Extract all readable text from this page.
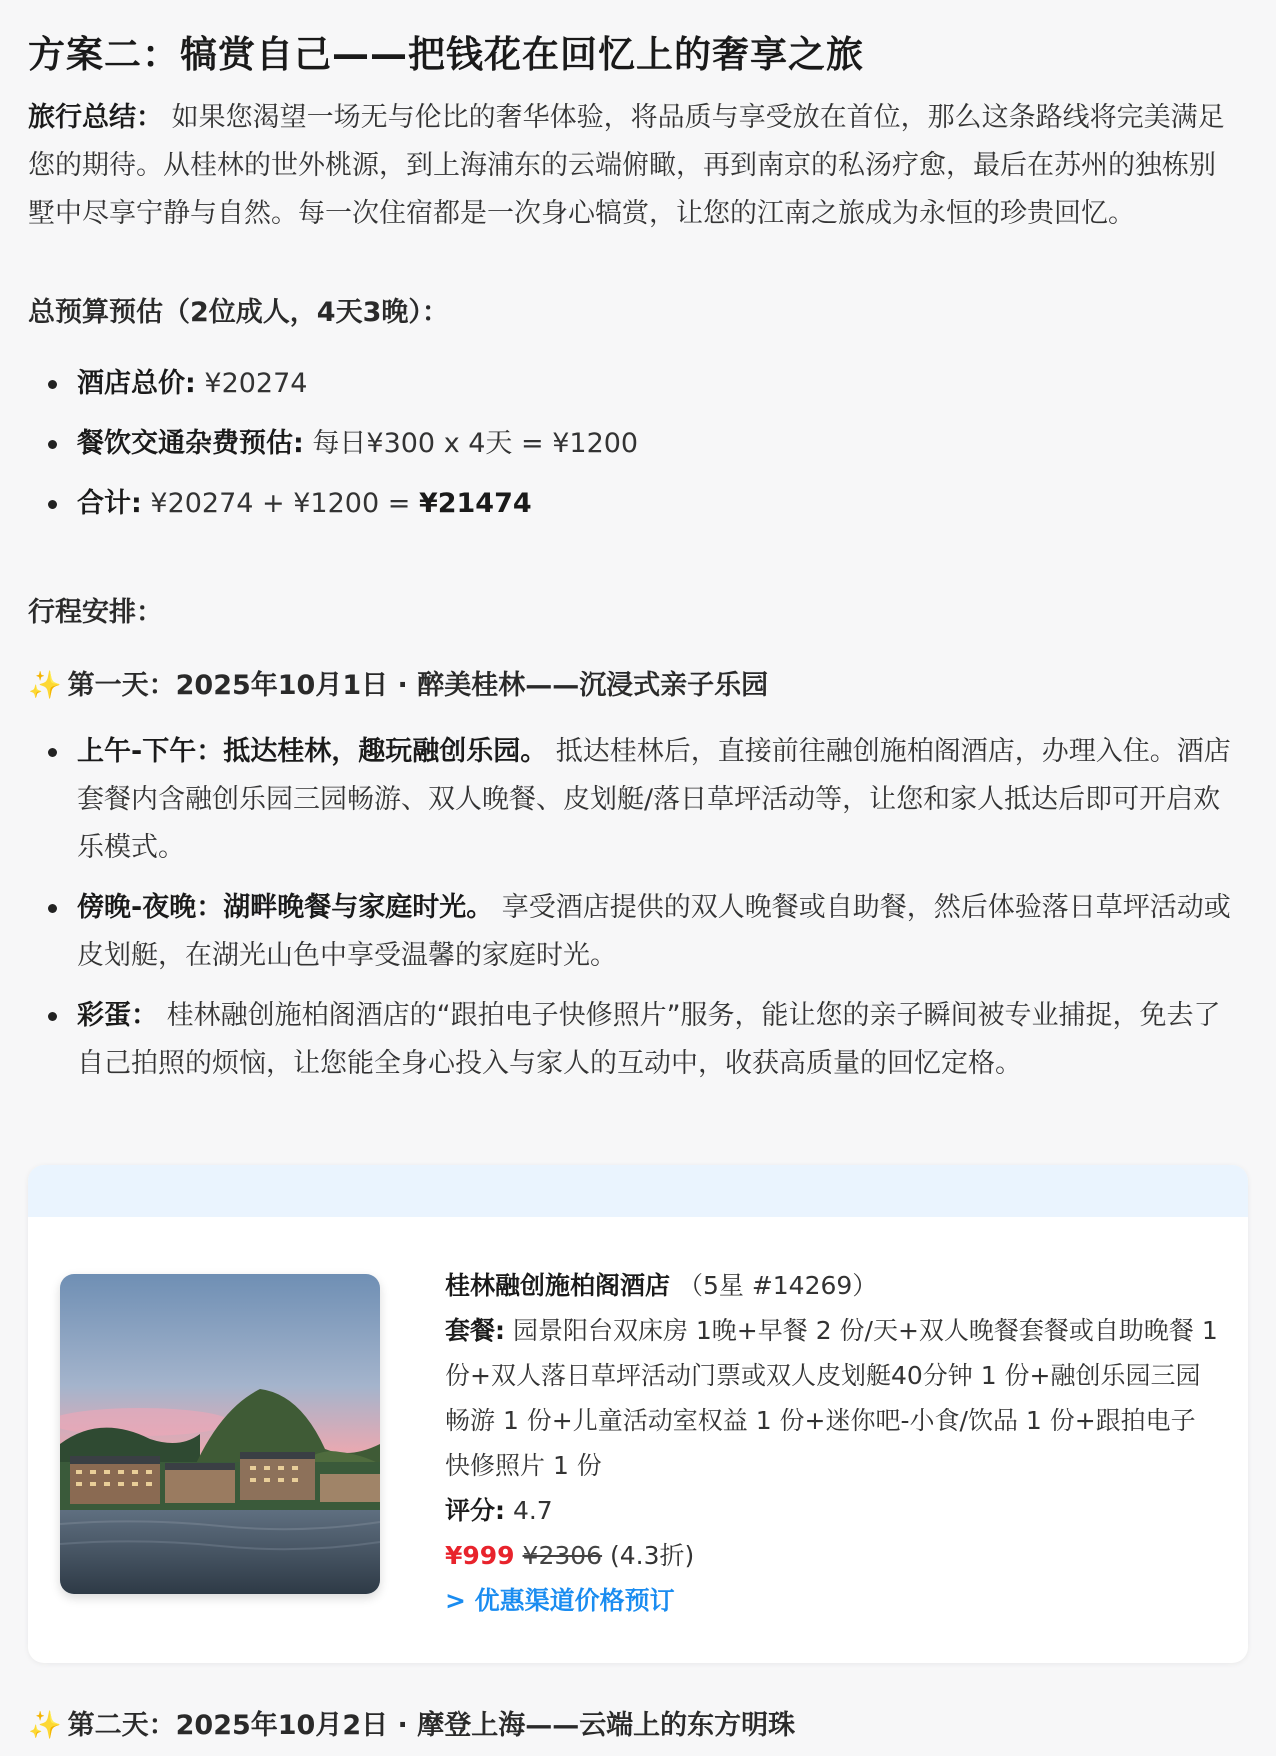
方案二：犒赏自己——把钱花在回忆上的奢享之旅

旅行总结： 如果您渴望一场无与伦比的奢华体验，将品质与享受放在首位，那么这条路线将完美满足您的期待。从桂林的世外桃源，到上海浦东的云端俯瞰，再到南京的私汤疗愈，最后在苏州的独栋别墅中尽享宁静与自然。每一次住宿都是一次身心犒赏，让您的江南之旅成为永恒的珍贵回忆。

总预算预估（2位成人，4天3晚）：
酒店总价: ¥20274
餐饮交通杂费预估: 每日¥300 x 4天 = ¥1200
合计: ¥20274 + ¥1200 = ¥21474
行程安排：
✨ 第一天：2025年10月1日 · 醉美桂林——沉浸式亲子乐园
上午-下午：抵达桂林，趣玩融创乐园。 抵达桂林后，直接前往融创施柏阁酒店，办理入住。酒店套餐内含融创乐园三园畅游、双人晚餐、皮划艇/落日草坪活动等，让您和家人抵达后即可开启欢乐模式。
傍晚-夜晚：湖畔晚餐与家庭时光。 享受酒店提供的双人晚餐或自助餐，然后体验落日草坪活动或皮划艇，在湖光山色中享受温馨的家庭时光。
彩蛋： 桂林融创施柏阁酒店的“跟拍电子快修照片”服务，能让您的亲子瞬间被专业捕捉，免去了自己拍照的烦恼，让您能全身心投入与家人的互动中，收获高质量的回忆定格。
桂林融创施柏阁酒店 （5星 #14269）
套餐: 园景阳台双床房 1晚+早餐 2 份/天+双人晚餐套餐或自助晚餐 1 份+双人落日草坪活动门票或双人皮划艇40分钟 1 份+融创乐园三园畅游 1 份+儿童活动室权益 1 份+迷你吧-小食/饮品 1 份+跟拍电子快修照片 1 份
评分: 4.7
¥999 ¥2306 (4.3折)
> 优惠渠道价格预订
✨ 第二天：2025年10月2日 · 摩登上海——云端上的东方明珠
